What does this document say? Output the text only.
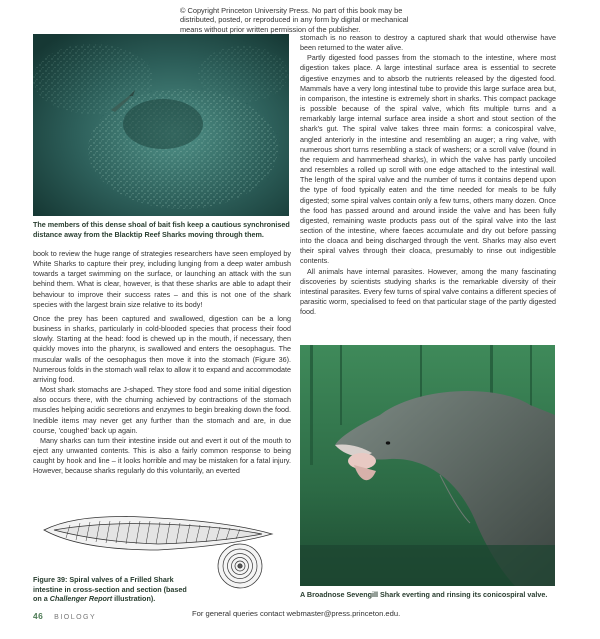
© Copyright Princeton University Press. No part of this book may be

distributed, posted, or reproduced in any form by digital or mechanical

means without prior written permission of the publisher.

The members of this dense shoal of bait fish keep a cautious synchronised distance away from the Blacktip Reef Sharks moving through them.

book to review the huge range of strategies researchers have seen employed by White Sharks to capture their prey, including lunging from a deep water ambush towards a target swimming on the surface, or launching an attack with the sun behind them. What is clear, however, is that these sharks are able to adapt their behaviour to improve their success rates – and this is not one of the shark species with the largest brain size relative to its body!

Once the prey has been captured and swallowed, digestion can be a long business in sharks, particularly in cold-blooded species that process their food slowly. Starting at the head: food is chewed up in the mouth, if necessary, then quickly moves into the pharynx, is swallowed and enters the oesophagus. The muscular walls of the oesophagus then move it into the stomach (Figure 36). Numerous folds in the stomach wall relax to allow it to expand and accommodate arriving food.

Most shark stomachs are J-shaped. They store food and some initial digestion also occurs there, with the churning achieved by contractions of the stomach muscles helping acidic secretions and enzymes to begin breaking down the food. Inedible items may never get any further than the stomach and are, in due course, 'coughed' back up again.

Many sharks can turn their intestine inside out and evert it out of the mouth to eject any unwanted contents. This is also a fairly common response to being caught by hook and line – it looks horrible and may be mistaken for a fatal injury. However, because sharks regularly do this voluntarily, an everted

Figure 39: Spiral valves of a Frilled Shark intestine in cross-section and section (based on a Challenger Report illustration).

stomach is no reason to destroy a captured shark that would otherwise have been returned to the water alive.

Partly digested food passes from the stomach to the intestine, where most digestion takes place. A large intestinal surface area is essential to secrete digestive enzymes and to absorb the nutrients released by the digested food. Mammals have a very long intestinal tube to provide this large surface area but, in comparison, the intestine is extremely short in sharks. This compact package is possible because of the spiral valve, which fits multiple turns and a remarkably large internal surface area inside a short and stout section of the shark's gut. The spiral valve takes three main forms: a conicospiral valve, angled anteriorly in the intestine and resembling an auger; a ring valve, with numerous short turns resembling a stack of washers; or a scroll valve (found in the requiem and hammerhead sharks), in which the valve has partly uncoiled and resembles a rolled up scroll with one edge attached to the intestinal wall. The length of the spiral valve and the number of turns it contains depend upon the type of food typically eaten and the time needed for meals to be fully digested; some spiral valves contain only a few turns, others many dozen. Once the food has passed around and around inside the valve and has been fully digested, remaining waste products pass out of the spiral valve into the last section of the intestine, where faeces accumulate and dry out before passing into the cloaca and being discharged through the vent. Sharks may also evert their spiral valves through their cloaca, presumably to rinse out indigestible contents.

All animals have internal parasites. However, among the many fascinating discoveries by scientists studying sharks is the remarkable diversity of their intestinal parasites. Every few turns of spiral valve contains a different species of parasitic worm, specialised to feed on that particular stage of the partly digested food.

A Broadnose Sevengill Shark everting and rinsing its conicospiral valve.
46 BIOLOGY	For general queries contact webmaster@press.princeton.edu.
